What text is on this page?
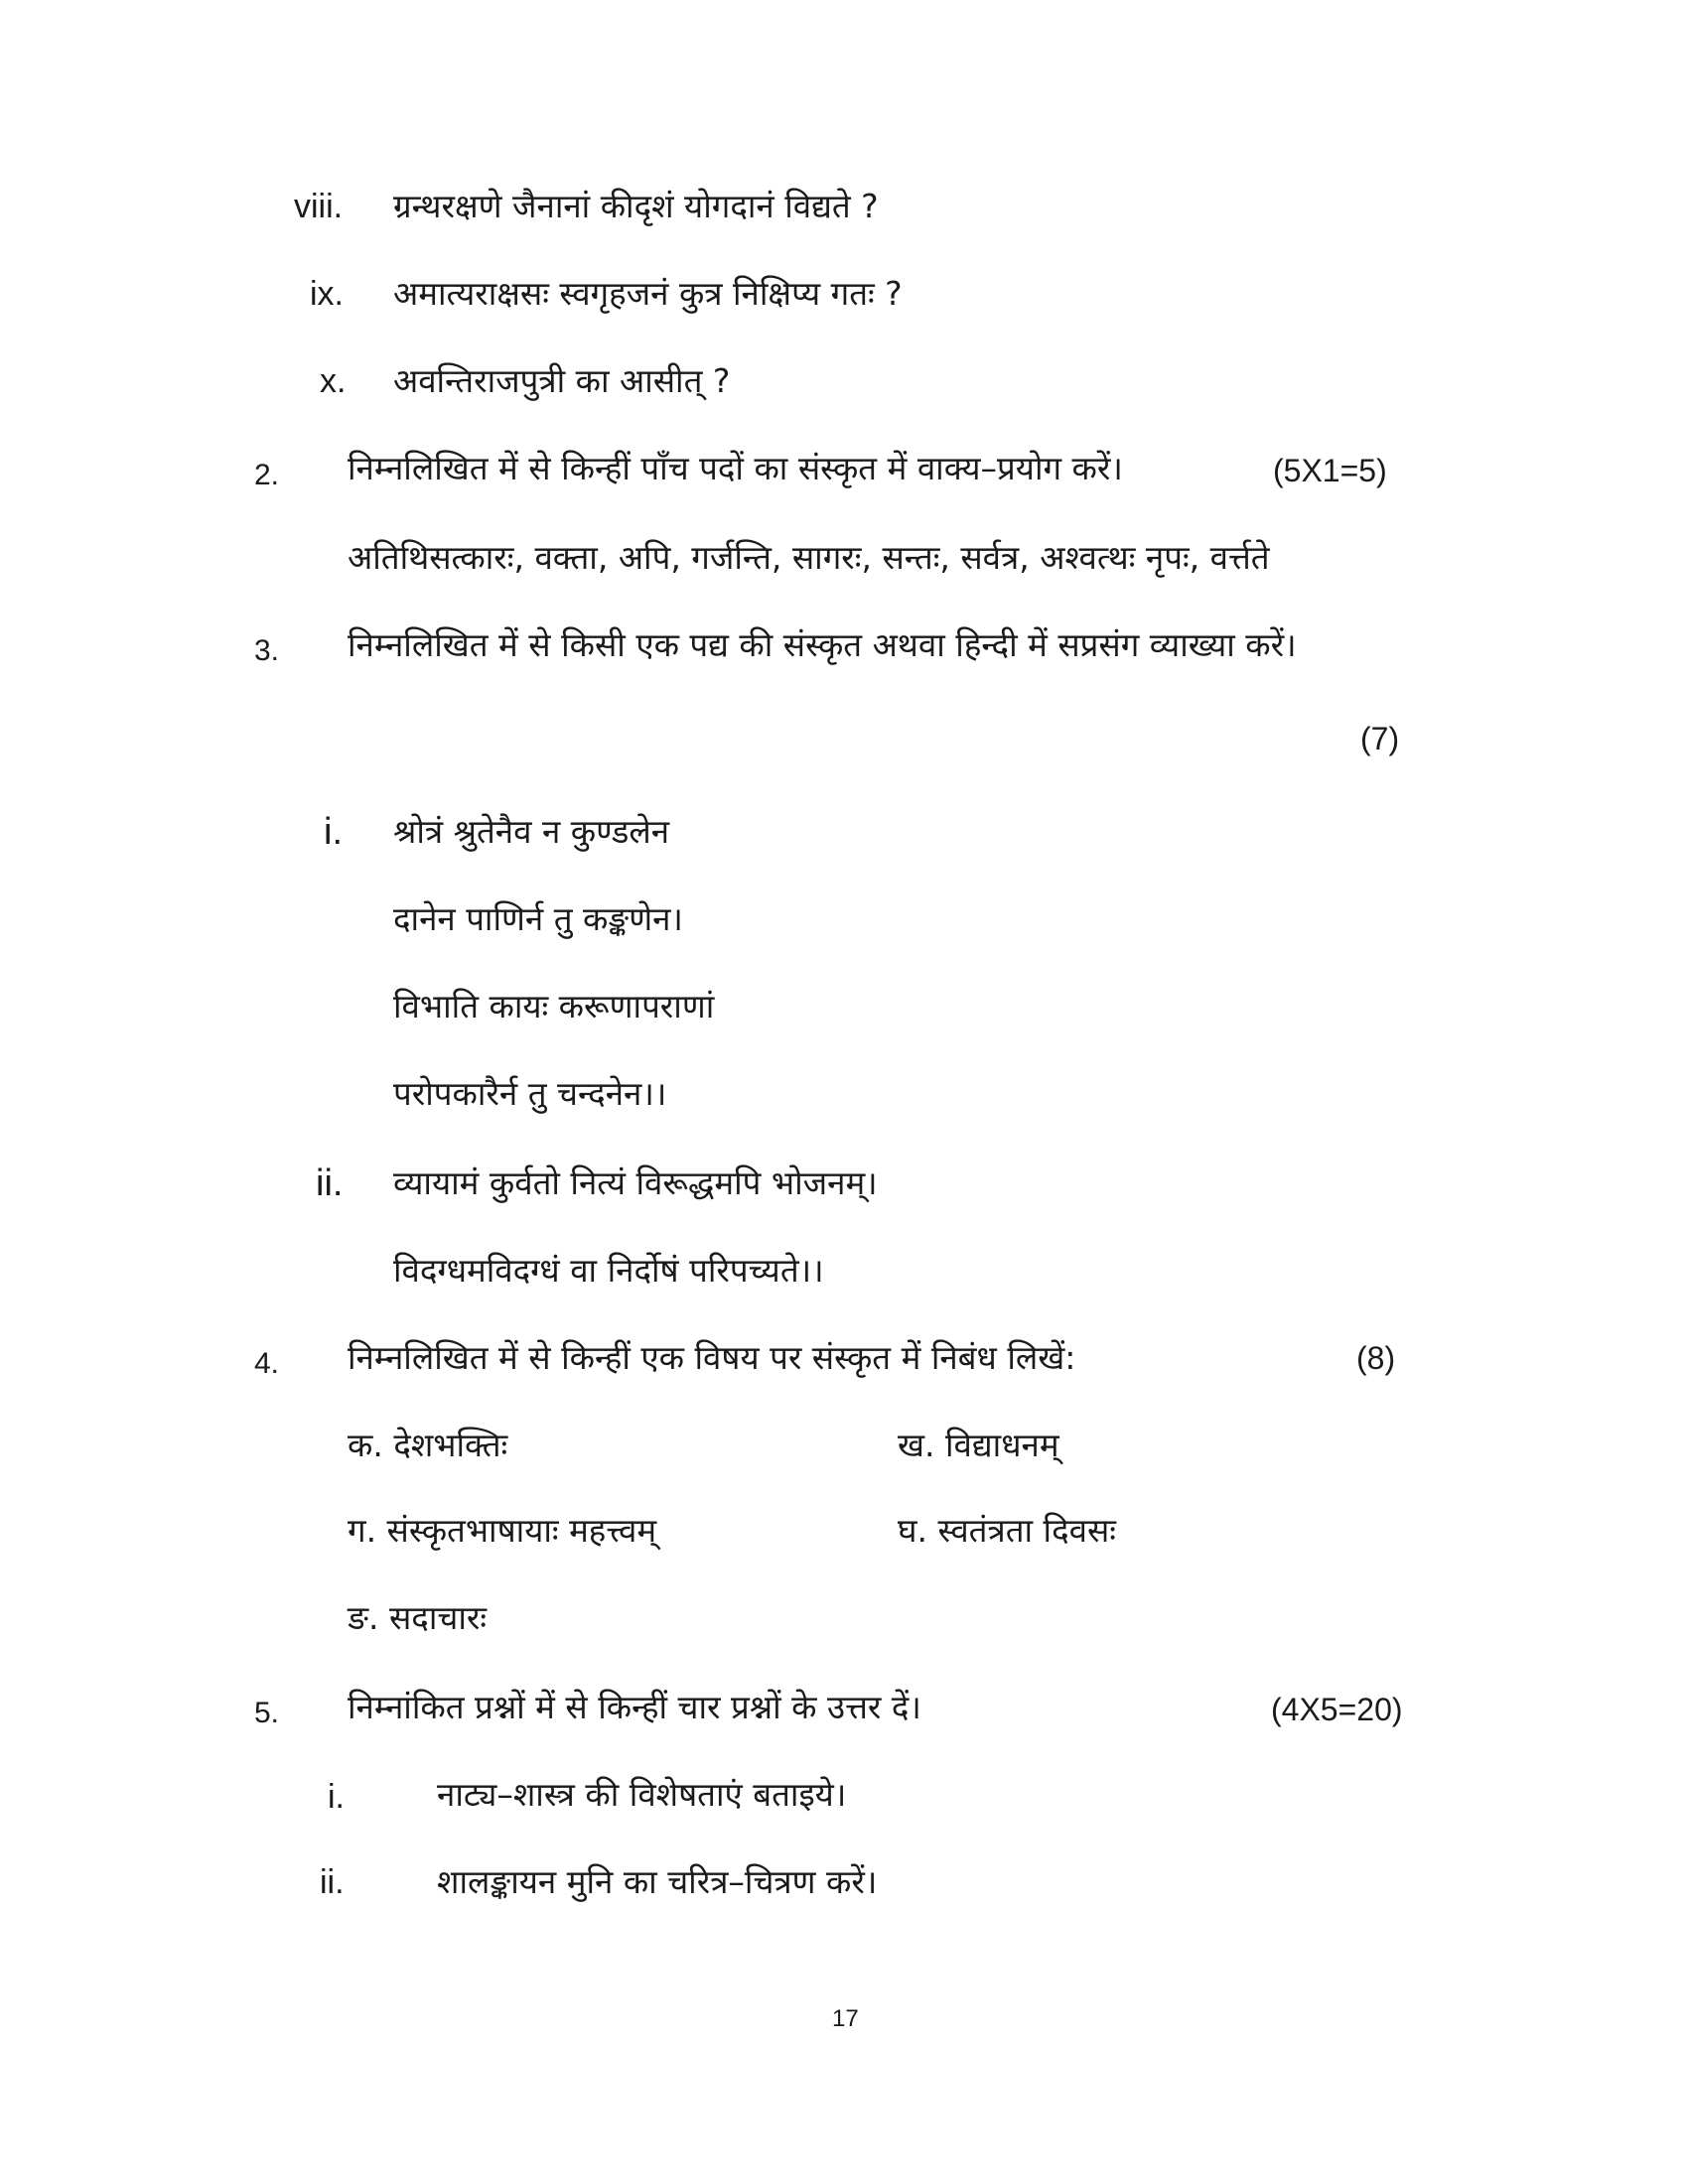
viii. ग्रन्थरक्षणे जैनानां कीदृशं योगदानं विद्यते ?
ix. अमात्यराक्षसः स्वगृहजनं कुत्र निक्षिप्य गतः ?
x. अवन्तिराजपुत्री का आसीत् ?
2. निम्नलिखित में से किन्हीं पाँच पदों का संस्कृत में वाक्य–प्रयोग करें।	(5X1=5)
अतिथिसत्कारः, वक्ता, अपि, गर्जन्ति, सागरः, सन्तः, सर्वत्र, अश्वत्थः नृपः, वर्त्तते
3. निम्नलिखित में से किसी एक पद्य की संस्कृत अथवा हिन्दी में सप्रसंग व्याख्या करें।
(7)
i. श्रोत्रं श्रुतेनैव न कुण्डलेन
दानेन पाणिर्न तु कङ्कणेन।
विभाति कायः करूणापराणां
परोपकारैर्न तु चन्दनेन।।
ii. व्यायामं कुर्वतो नित्यं विरूद्धमपि भोजनम्।
विदग्धमविदग्धं वा निर्दोषं परिपच्यते।।
4. निम्नलिखित में से किन्हीं एक विषय पर संस्कृत में निबंध लिखें:	(8)
क. देशभक्तिः	ख. विद्याधनम्
ग. संस्कृतभाषायाः महत्त्वम्	घ. स्वतंत्रता दिवसः
ङ. सदाचारः
5. निम्नांकित प्रश्नों में से किन्हीं चार प्रश्नों के उत्तर दें।	(4X5=20)
i.	नाट्य–शास्त्र की विशेषताएं बताइये।
ii.	शालङ्कायन मुनि का चरित्र–चित्रण करें।
17
